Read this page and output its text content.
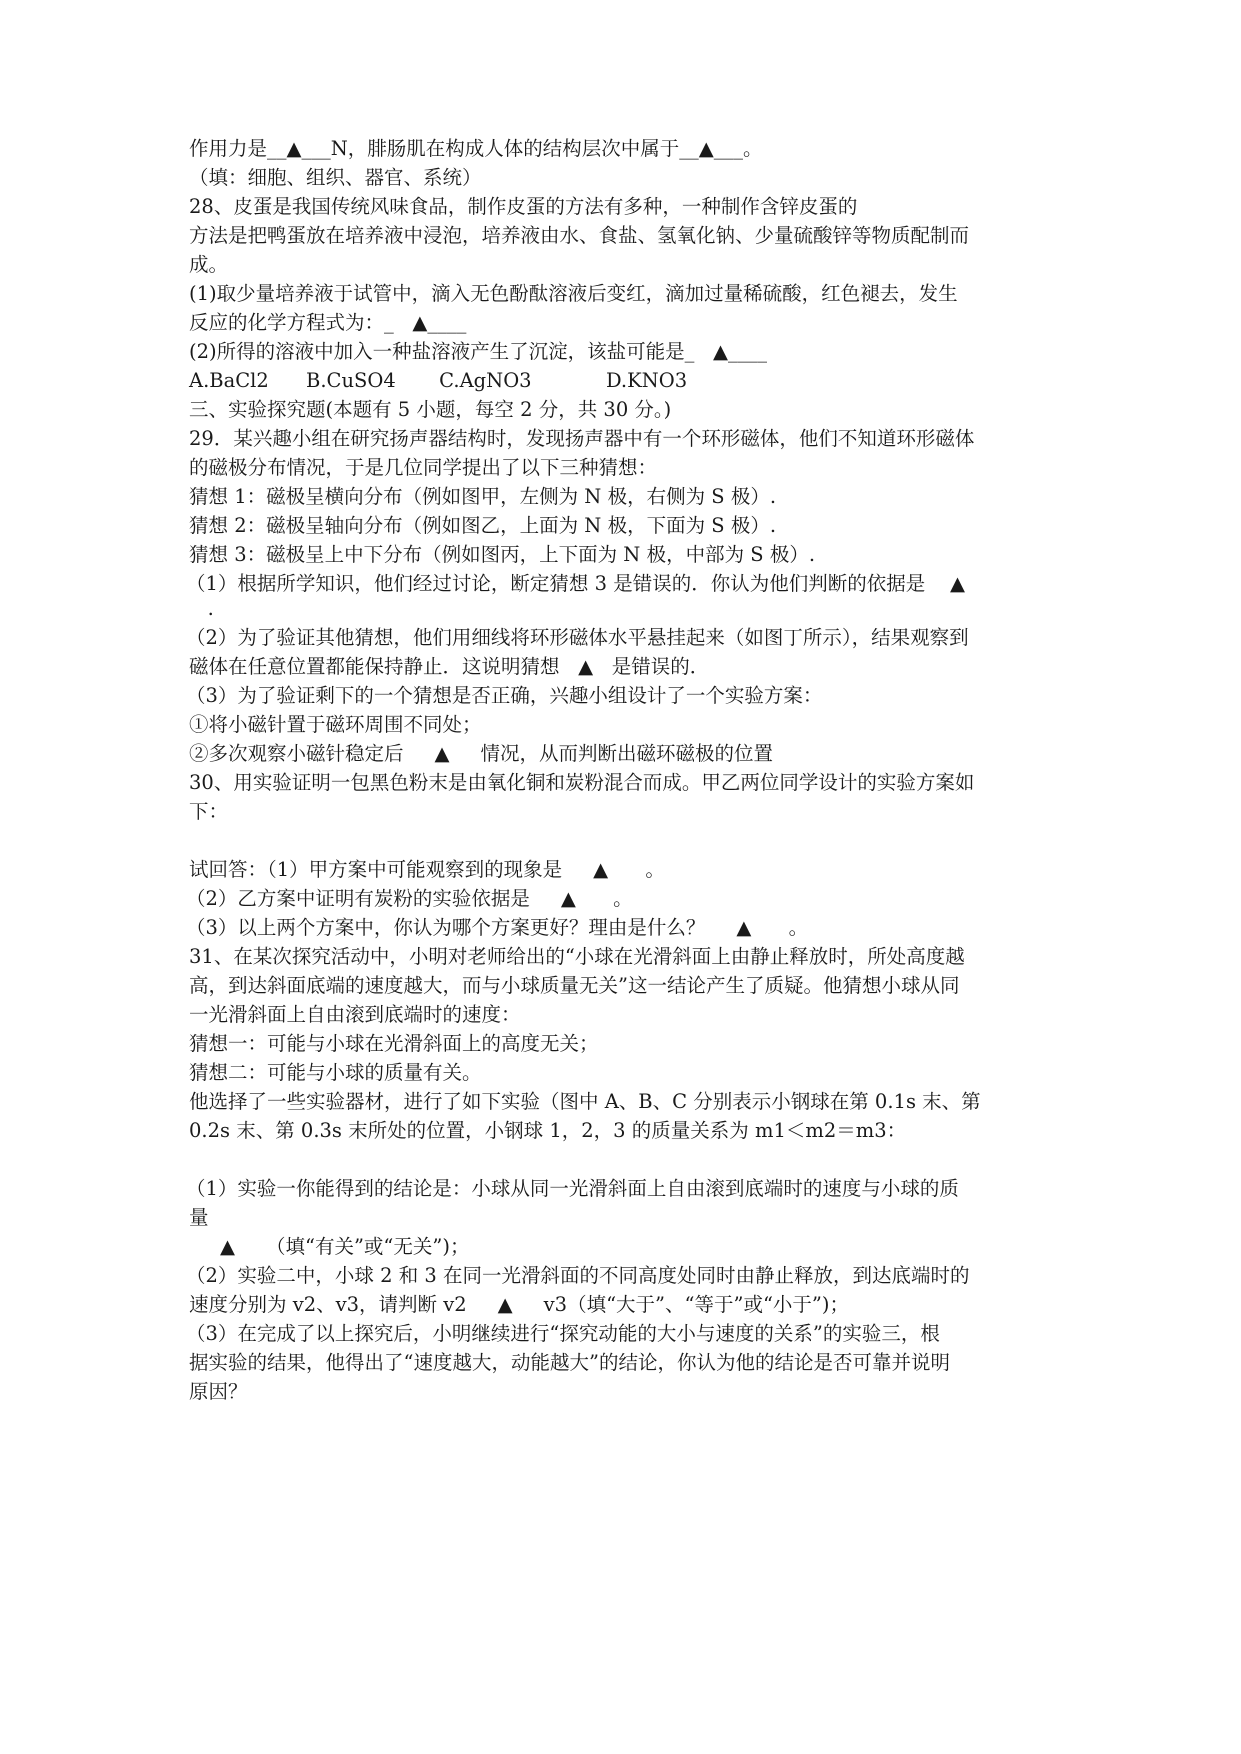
作用力是__▲___N，腓肠肌在构成人体的结构层次中属于__▲___。
（填：细胞、组织、器官、系统）
28、皮蛋是我国传统风味食品，制作皮蛋的方法有多种，一种制作含锌皮蛋的
方法是把鸭蛋放在培养液中浸泡，培养液由水、食盐、氢氧化钠、少量硫酸锌等物质配制而
成。
(1)取少量培养液于试管中，滴入无色酚酞溶液后变红，滴加过量稀硫酸，红色褪去，发生
反应的化学方程式为：_   ▲____
(2)所得的溶液中加入一种盐溶液产生了沉淀，该盐可能是_   ▲____
A.BaCl2      B.CuSO4       C.AgNO3            D.KNO3
三、实验探究题(本题有 5 小题，每空 2 分，共 30 分。)
29．某兴趣小组在研究扬声器结构时，发现扬声器中有一个环形磁体，他们不知道环形磁体
的磁极分布情况，于是几位同学提出了以下三种猜想：
猜想 1：磁极呈横向分布（例如图甲，左侧为 N 极，右侧为 S 极）.
猜想 2：磁极呈轴向分布（例如图乙，上面为 N 极，下面为 S 极）.
猜想 3：磁极呈上中下分布（例如图丙，上下面为 N 极，中部为 S 极）.
（1）根据所学知识，他们经过讨论，断定猜想 3 是错误的．你认为他们判断的依据是    ▲
.
（2）为了验证其他猜想，他们用细线将环形磁体水平悬挂起来（如图丁所示），结果观察到
磁体在任意位置都能保持静止．这说明猜想   ▲   是错误的．
（3）为了验证剩下的一个猜想是否正确，兴趣小组设计了一个实验方案：
①将小磁针置于磁环周围不同处；
②多次观察小磁针稳定后     ▲     情况，从而判断出磁环磁极的位置
30、用实验证明一包黑色粉末是由氧化铜和炭粉混合而成。甲乙两位同学设计的实验方案如
下：
试回答：（1）甲方案中可能观察到的现象是     ▲      。
（2）乙方案中证明有炭粉的实验依据是     ▲      。
（3）以上两个方案中，你认为哪个方案更好？理由是什么？     ▲      。
31、在某次探究活动中，小明对老师给出的“小球在光滑斜面上由静止释放时，所处高度越
高，到达斜面底端的速度越大，而与小球质量无关”这一结论产生了质疑。他猜想小球从同
一光滑斜面上自由滚到底端时的速度：
猜想一：可能与小球在光滑斜面上的高度无关；
猜想二：可能与小球的质量有关。
他选择了一些实验器材，进行了如下实验（图中 A、B、C 分别表示小钢球在第 0.1s 末、第
0.2s 末、第 0.3s 末所处的位置，小钢球 1，2，3 的质量关系为 m1＜m2＝m3：
（1）实验一你能得到的结论是：小球从同一光滑斜面上自由滚到底端时的速度与小球的质
量
▲     （填“有关”或“无关”)；
（2）实验二中，小球 2 和 3 在同一光滑斜面的不同高度处同时由静止释放，到达底端时的
速度分别为 v2、v3，请判断 v2     ▲     v3（填“大于”、“等于”或“小于”)；
（3）在完成了以上探究后，小明继续进行“探究动能的大小与速度的关系”的实验三，根
据实验的结果，他得出了“速度越大，动能越大”的结论，你认为他的结论是否可靠并说明
原因？
